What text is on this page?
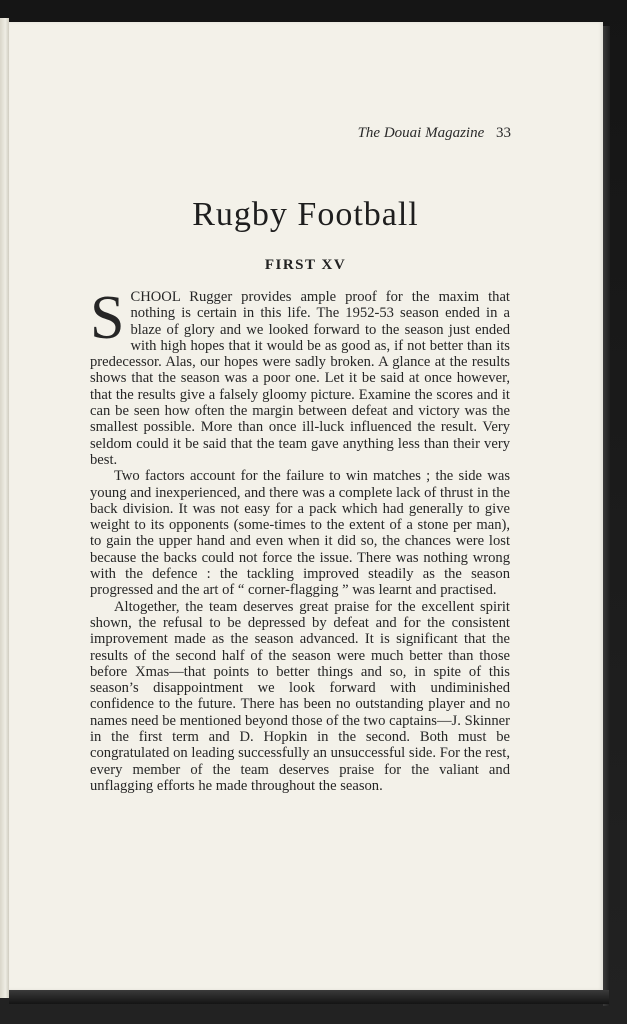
The Douai Magazine 33
Rugby Football
FIRST XV

SCHOOL Rugger provides ample proof for the maxim that nothing is certain in this life. The 1952-53 season ended in a blaze of glory and we looked forward to the season just ended with high hopes that it would be as good as, if not better than its predecessor. Alas, our hopes were sadly broken. A glance at the results shows that the season was a poor one. Let it be said at once however, that the results give a falsely gloomy picture. Examine the scores and it can be seen how often the margin between defeat and victory was the smallest possible. More than once ill-luck influenced the result. Very seldom could it be said that the team gave anything less than their very best.

Two factors account for the failure to win matches ; the side was young and inexperienced, and there was a complete lack of thrust in the back division. It was not easy for a pack which had generally to give weight to its opponents (some-times to the extent of a stone per man), to gain the upper hand and even when it did so, the chances were lost because the backs could not force the issue. There was nothing wrong with the defence : the tackling improved steadily as the season progressed and the art of “ corner-flagging ” was learnt and practised.

Altogether, the team deserves great praise for the excellent spirit shown, the refusal to be depressed by defeat and for the consistent improvement made as the season advanced. It is significant that the results of the second half of the season were much better than those before Xmas—that points to better things and so, in spite of this season’s disappointment we look forward with undiminished confidence to the future. There has been no outstanding player and no names need be mentioned beyond those of the two captains—J. Skinner in the first term and D. Hopkin in the second. Both must be congratulated on leading successfully an unsuccessful side. For the rest, every member of the team deserves praise for the valiant and unflagging efforts he made throughout the season.
